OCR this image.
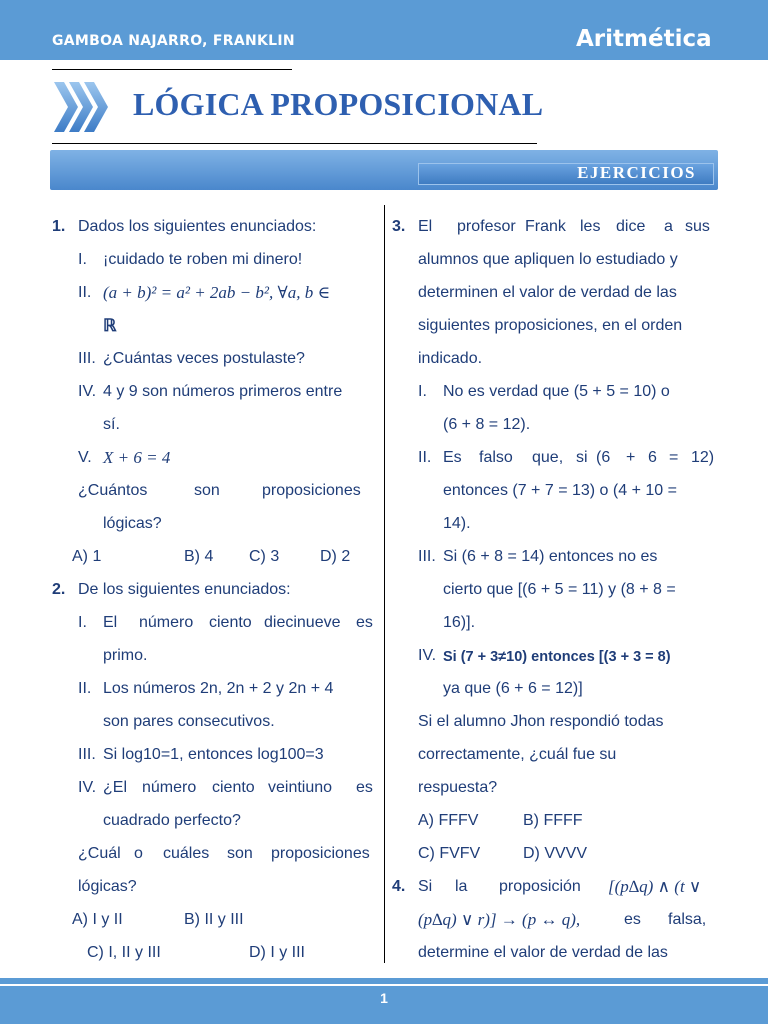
GAMBOA NAJARRO, FRANKLIN	Aritmética
LÓGICA PROPOSICIONAL
EJERCICIOS
1. Dados los siguientes enunciados:
I. ¡cuidado te roben mi dinero!
II. (a + b)² = a² + 2ab − b², ∀a, b ∈
ℝ
III. ¿Cuántas veces postulaste?
IV. 4 y 9 son números primeros entre
sí.
V. X + 6 = 4
¿Cuántos	son	proposiciones
lógicas?
A) 1	B) 4 C) 3	D) 2
2. De los siguientes enunciados:
I. El número ciento diecinueve es
primo.
II. Los números 2n, 2n + 2 y 2n + 4
son pares consecutivos.
III. Si log10=1, entonces log100=3
IV. ¿El número ciento veintiuno es
cuadrado perfecto?
¿Cuál o cuáles son proposiciones
lógicas?
A) I y II	B) II y III
C) I, II y III	D) I y III
3. El profesor Frank les dice a sus
alumnos que apliquen lo estudiado y
determinen el valor de verdad de las
siguientes proposiciones, en el orden
indicado.
I. No es verdad que (5 + 5 = 10) o
(6 + 8 = 12).
II. Es falso que, si (6 + 6 = 12)
entonces (7 + 7 = 13) o (4 + 10 =
14).
III. Si (6 + 8 = 14) entonces no es
cierto que [(6 + 5 = 11) y (8 + 8 =
16)].
IV. Si (7 + 3≠10) entonces [(3 + 3 = 8)
ya que (6 + 6 = 12)]
Si el alumno Jhon respondió todas
correctamente, ¿cuál fue su
respuesta?
A) FFFV	B) FFFF
C) FVFV	D) VVVV
4. Si la proposición [(p∆q) ∧ (t ∨
(p∆q) ∨ r)] → (p ↔ q),	es falsa,
determine el valor de verdad de las
1
